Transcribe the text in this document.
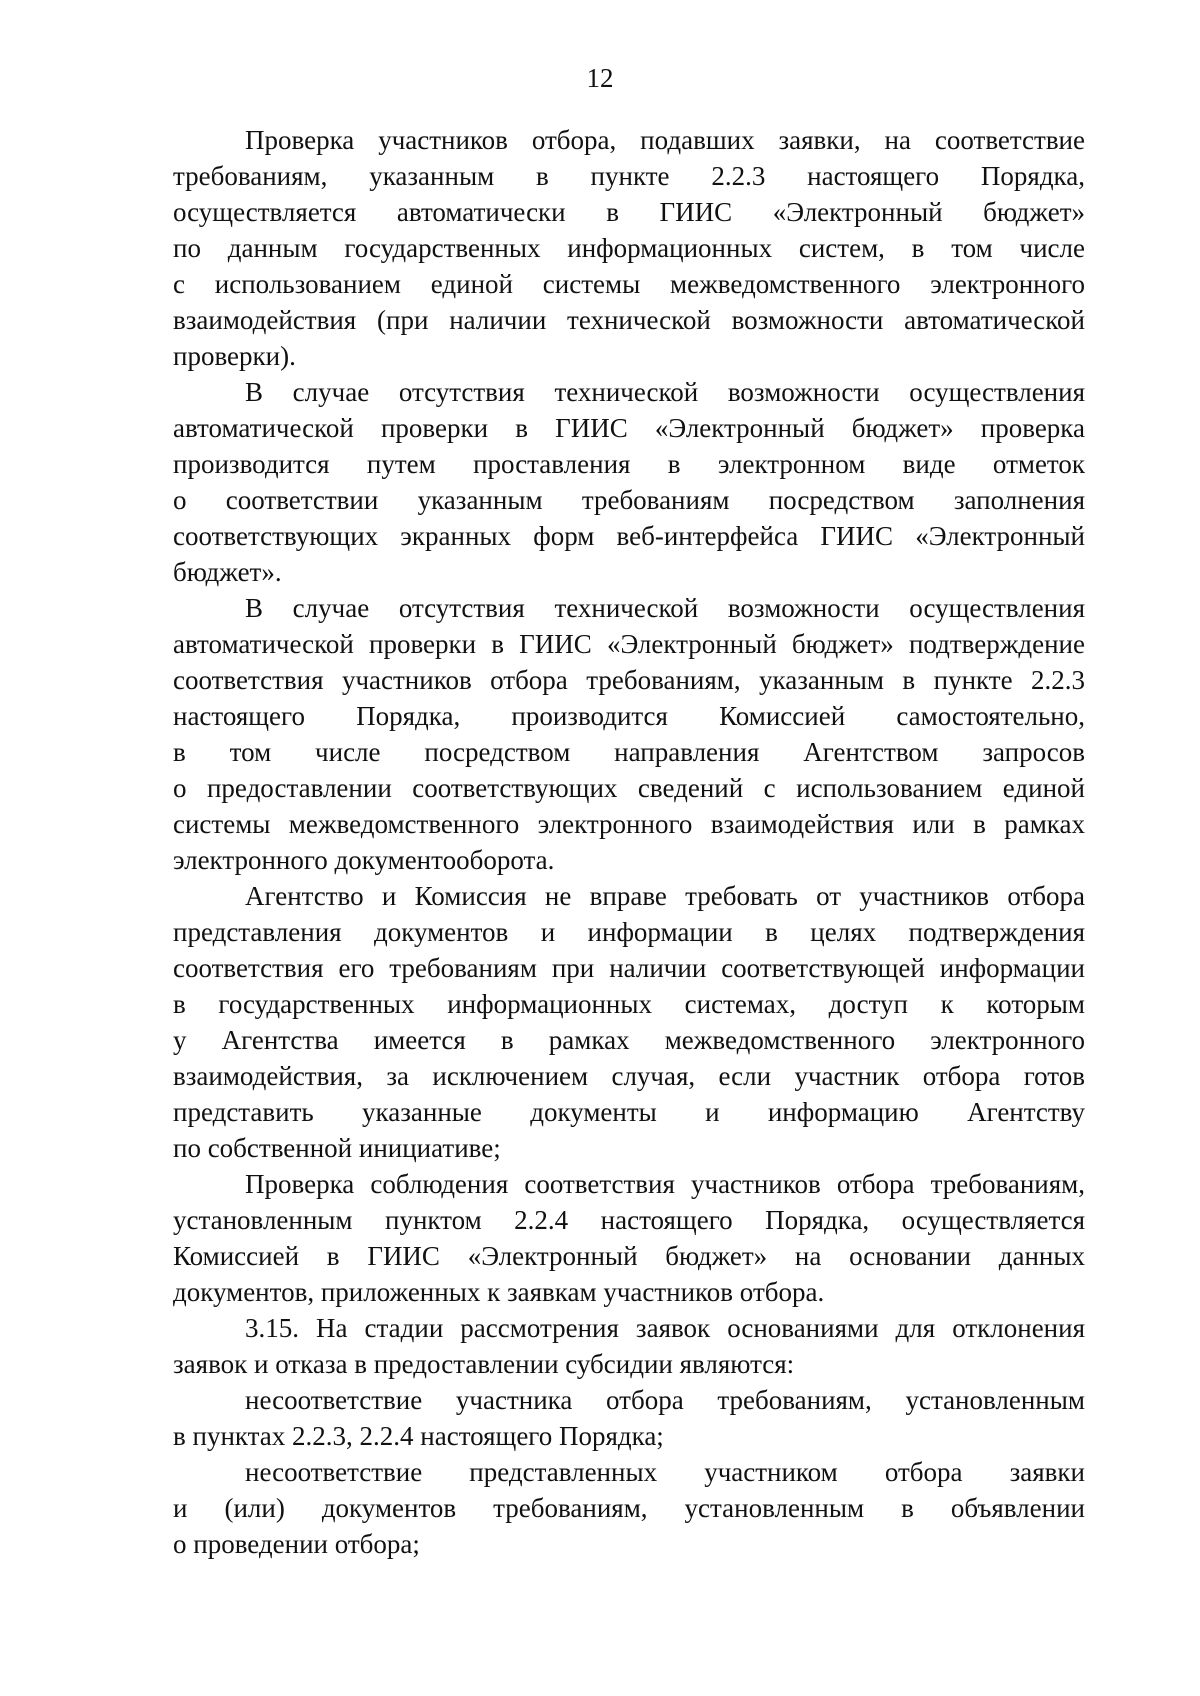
12

Проверка участников отбора, подавших заявки, на соответствие
требованиям, указанным в пункте 2.2.3 настоящего Порядка,
осуществляется автоматически в ГИИС «Электронный бюджет»
по данным государственных информационных систем, в том числе
с использованием единой системы межведомственного электронного
взаимодействия (при наличии технической возможности автоматической
проверки).

В случае отсутствия технической возможности осуществления
автоматической проверки в ГИИС «Электронный бюджет» проверка
производится путем проставления в электронном виде отметок
о соответствии указанным требованиям посредством заполнения
соответствующих экранных форм веб-интерфейса ГИИС «Электронный
бюджет».

В случае отсутствия технической возможности осуществления
автоматической проверки в ГИИС «Электронный бюджет» подтверждение
соответствия участников отбора требованиям, указанным в пункте 2.2.3
настоящего Порядка, производится Комиссией самостоятельно,
в том числе посредством направления Агентством запросов
о предоставлении соответствующих сведений с использованием единой
системы межведомственного электронного взаимодействия или в рамках
электронного документооборота.

Агентство и Комиссия не вправе требовать от участников отбора
представления документов и информации в целях подтверждения
соответствия его требованиям при наличии соответствующей информации
в государственных информационных системах, доступ к которым
у Агентства имеется в рамках межведомственного электронного
взаимодействия, за исключением случая, если участник отбора готов
представить указанные документы и информацию Агентству
по собственной инициативе;

Проверка соблюдения соответствия участников отбора требованиям,
установленным пунктом 2.2.4 настоящего Порядка, осуществляется
Комиссией в ГИИС «Электронный бюджет» на основании данных
документов, приложенных к заявкам участников отбора.

3.15. На стадии рассмотрения заявок основаниями для отклонения
заявок и отказа в предоставлении субсидии являются:

несоответствие участника отбора требованиям, установленным
в пунктах 2.2.3, 2.2.4 настоящего Порядка;

несоответствие представленных участником отбора заявки
и (или) документов требованиям, установленным в объявлении
о проведении отбора;
